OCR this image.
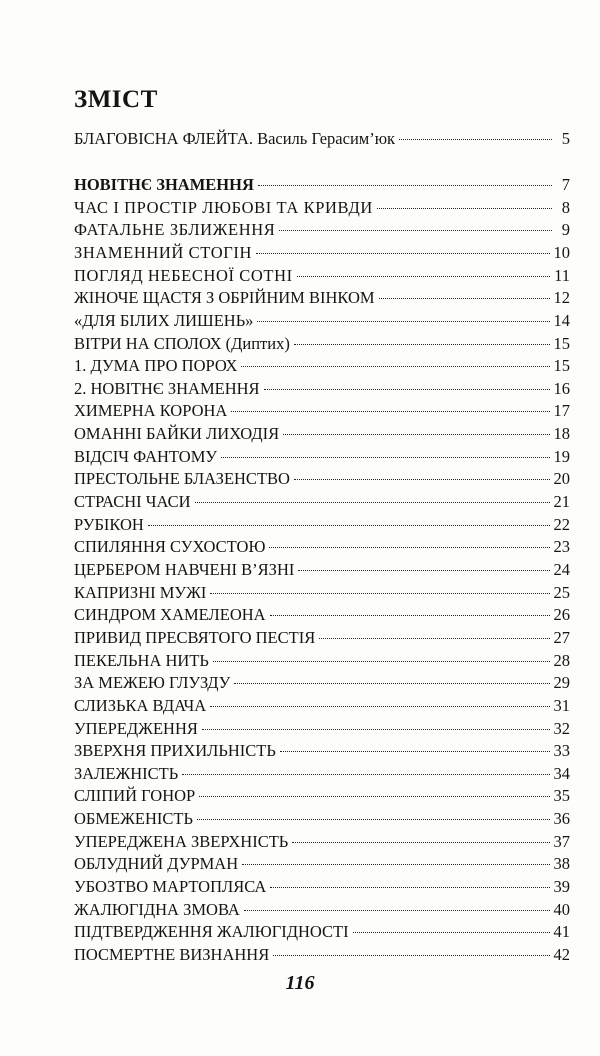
ЗМІСТ
БЛАГОВІСНА ФЛЕЙТА. Василь Герасим’юк	5
НОВІТНЄ ЗНАМЕННЯ	7
ЧАС І ПРОСТІР ЛЮБОВІ ТА КРИВДИ	8
ФАТАЛЬНЕ ЗБЛИЖЕННЯ	9
ЗНАМЕННИЙ СТОГІН	10
ПОГЛЯД НЕБЕСНОЇ СОТНІ	11
ЖІНОЧЕ ЩАСТЯ З ОБРІЙНИМ ВІНКОМ	12
«ДЛЯ БІЛИХ ЛИШЕНЬ»	14
ВІТРИ НА СПОЛОХ (Диптих)	15
1. ДУМА ПРО ПОРОХ	15
2. НОВІТНЄ ЗНАМЕННЯ	16
ХИМЕРНА КОРОНА	17
ОМАННІ БАЙКИ ЛИХОДІЯ	18
ВІДСІЧ ФАНТОМУ	19
ПРЕСТОЛЬНЕ БЛАЗЕНСТВО	20
СТРАСНІ ЧАСИ	21
РУБІКОН	22
СПИЛЯННЯ СУХОСТОЮ	23
ЦЕРБЕРОМ НАВЧЕНІ В’ЯЗНІ	24
КАПРИЗНІ МУЖІ	25
СИНДРОМ ХАМЕЛЕОНА	26
ПРИВИД ПРЕСВЯТОГО ПЕСТІЯ	27
ПЕКЕЛЬНА НИТЬ	28
ЗА МЕЖЕЮ ГЛУЗДУ	29
СЛИЗЬКА ВДАЧА	31
УПЕРЕДЖЕННЯ	32
ЗВЕРХНЯ ПРИХИЛЬНІСТЬ	33
ЗАЛЕЖНІСТЬ	34
СЛІПИЙ ГОНОР	35
ОБМЕЖЕНІСТЬ	36
УПЕРЕДЖЕНА ЗВЕРХНІСТЬ	37
ОБЛУДНИЙ ДУРМАН	38
УБОЗТВО МАРТОПЛЯСА	39
ЖАЛЮГІДНА ЗМОВА	40
ПІДТВЕРДЖЕННЯ ЖАЛЮГІДНОСТІ	41
ПОСМЕРТНЕ ВИЗНАННЯ	42
116
